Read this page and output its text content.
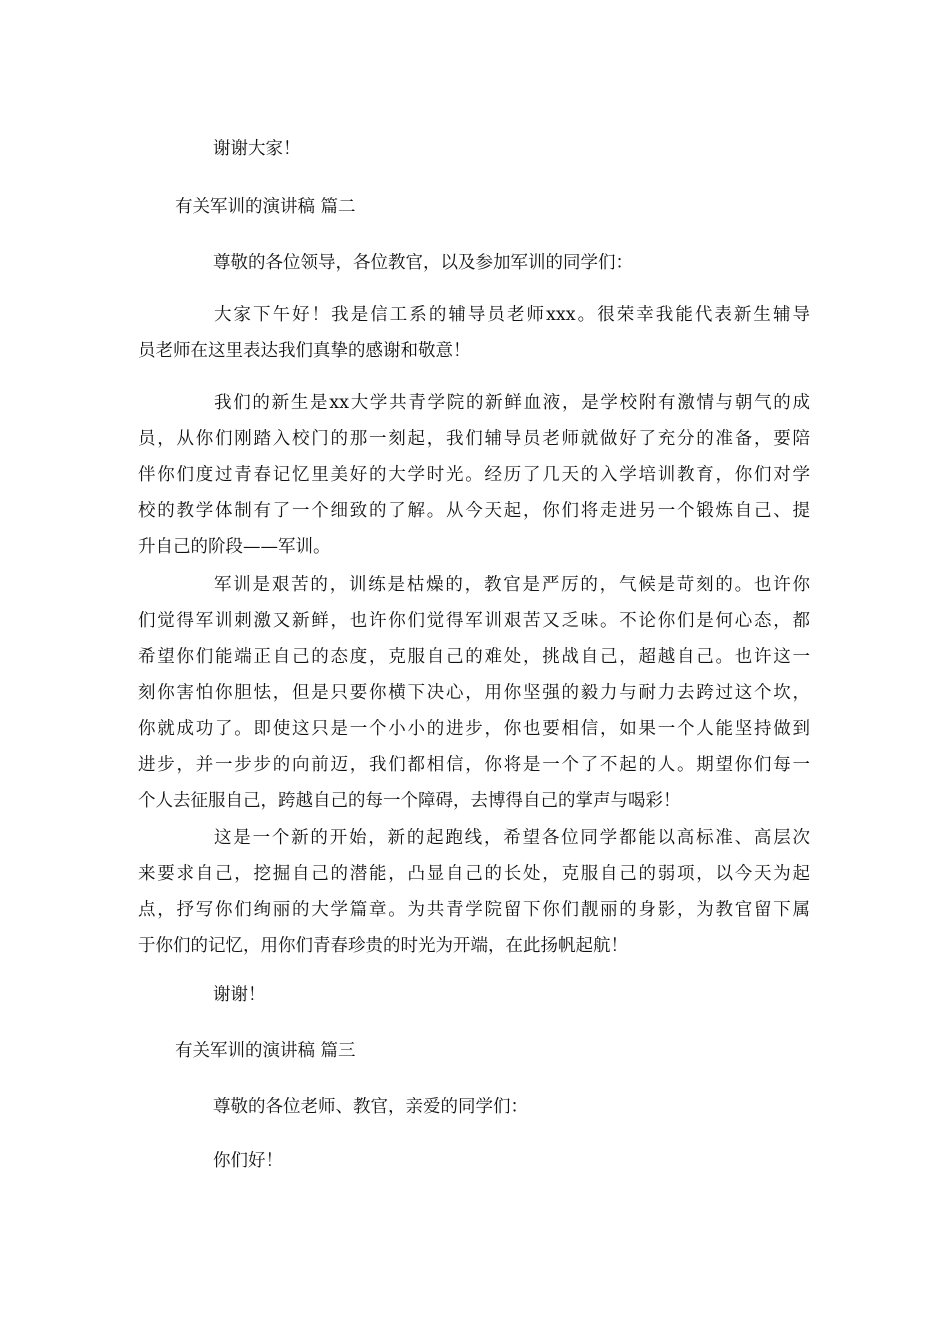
谢谢大家！

有关军训的演讲稿 篇二

尊敬的各位领导，各位教官，以及参加军训的同学们：

大家下午好！我是信工系的辅导员老师xxx。很荣幸我能代表新生辅导
员老师在这里表达我们真挚的感谢和敬意！
我们的新生是xx大学共青学院的新鲜血液，是学校附有激情与朝气的成
员，从你们刚踏入校门的那一刻起，我们辅导员老师就做好了充分的准备，要陪
伴你们度过青春记忆里美好的大学时光。经历了几天的入学培训教育，你们对学
校的教学体制有了一个细致的了解。从今天起，你们将走进另一个锻炼自己、提
升自己的阶段——军训。
军训是艰苦的，训练是枯燥的，教官是严厉的，气候是苛刻的。也许你
们觉得军训刺激又新鲜，也许你们觉得军训艰苦又乏味。不论你们是何心态，都
希望你们能端正自己的态度，克服自己的难处，挑战自己，超越自己。也许这一
刻你害怕你胆怯，但是只要你横下决心，用你坚强的毅力与耐力去跨过这个坎，
你就成功了。即使这只是一个小小的进步，你也要相信，如果一个人能坚持做到
进步，并一步步的向前迈，我们都相信，你将是一个了不起的人。期望你们每一
个人去征服自己，跨越自己的每一个障碍，去博得自己的掌声与喝彩！
这是一个新的开始，新的起跑线，希望各位同学都能以高标准、高层次
来要求自己，挖掘自己的潜能，凸显自己的长处，克服自己的弱项，以今天为起
点，抒写你们绚丽的大学篇章。为共青学院留下你们靓丽的身影，为教官留下属
于你们的记忆，用你们青春珍贵的时光为开端，在此扬帆起航！

谢谢！

有关军训的演讲稿 篇三

尊敬的各位老师、教官，亲爱的同学们：

你们好！
